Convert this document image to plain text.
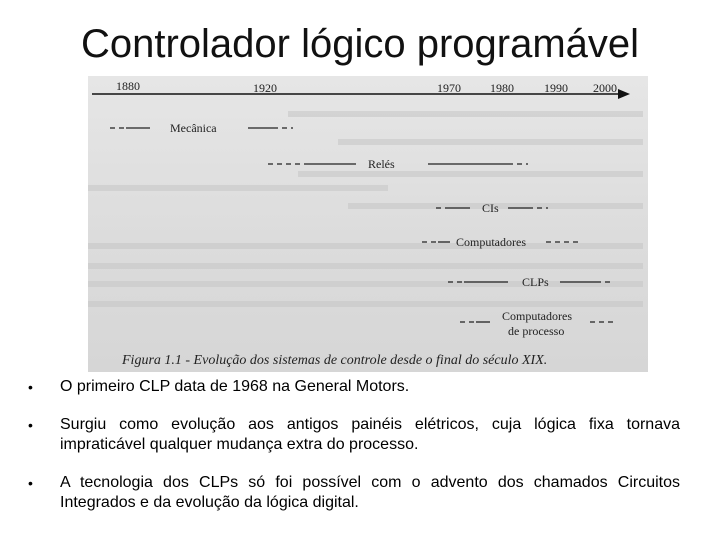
Controlador lógico programável
1880	1920	1970 1980	1990 2000
Mecânica
Relés
CIs
Computadores
CLPs
Computadores
de processo
Figura 1.1 - Evolução dos sistemas de controle desde o final do século XIX.
•	O primeiro CLP data de 1968 na General Motors.
•	Surgiu como evolução aos antigos painéis elétricos, cuja lógica fixa tornava impraticável qualquer mudança extra do processo.
•	A tecnologia dos CLPs só foi possível com o advento dos chamados Circuitos Integrados e da evolução da lógica digital.
